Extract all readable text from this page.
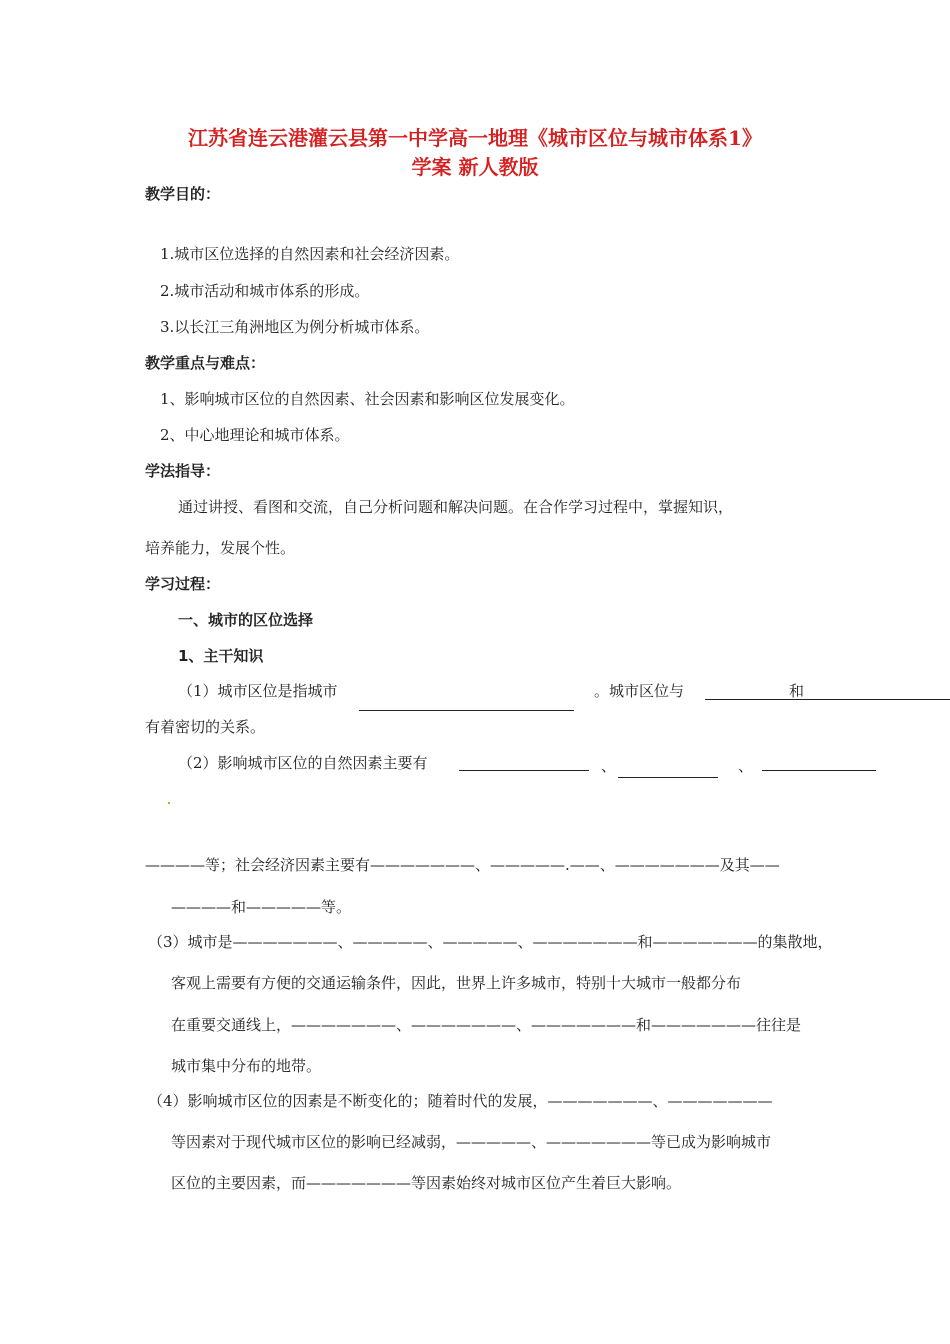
江苏省连云港灌云县第一中学高一地理《城市区位与城市体系1》
学案 新人教版
教学目的：
1.城市区位选择的自然因素和社会经济因素。
2.城市活动和城市体系的形成。
3.以长江三角洲地区为例分析城市体系。
教学重点与难点：
1、影响城市区位的自然因素、社会因素和影响区位发展变化。
2、中心地理论和城市体系。
学法指导：
通过讲授、看图和交流，自己分析问题和解决问题。在合作学习过程中，掌握知识，
培养能力，发展个性。
学习过程：
一、城市的区位选择
1、主干知识
（1）城市区位是指城市	。城市区位与	和
有着密切的关系。
（2）影响城市区位的自然因素主要有	、	、
————等；社会经济因素主要有———————、—————.——、———————及其——
————和—————等。
（3）城市是———————、—————、—————、———————和———————的集散地，
客观上需要有方便的交通运输条件，因此，世界上许多城市，特别十大城市一般都分布
在重要交通线上，———————、———————、———————和———————往往是
城市集中分布的地带。
（4）影响城市区位的因素是不断变化的；随着时代的发展，———————、———————
等因素对于现代城市区位的影响已经减弱，—————、———————等已成为影响城市
区位的主要因素，而———————等因素始终对城市区位产生着巨大影响。
